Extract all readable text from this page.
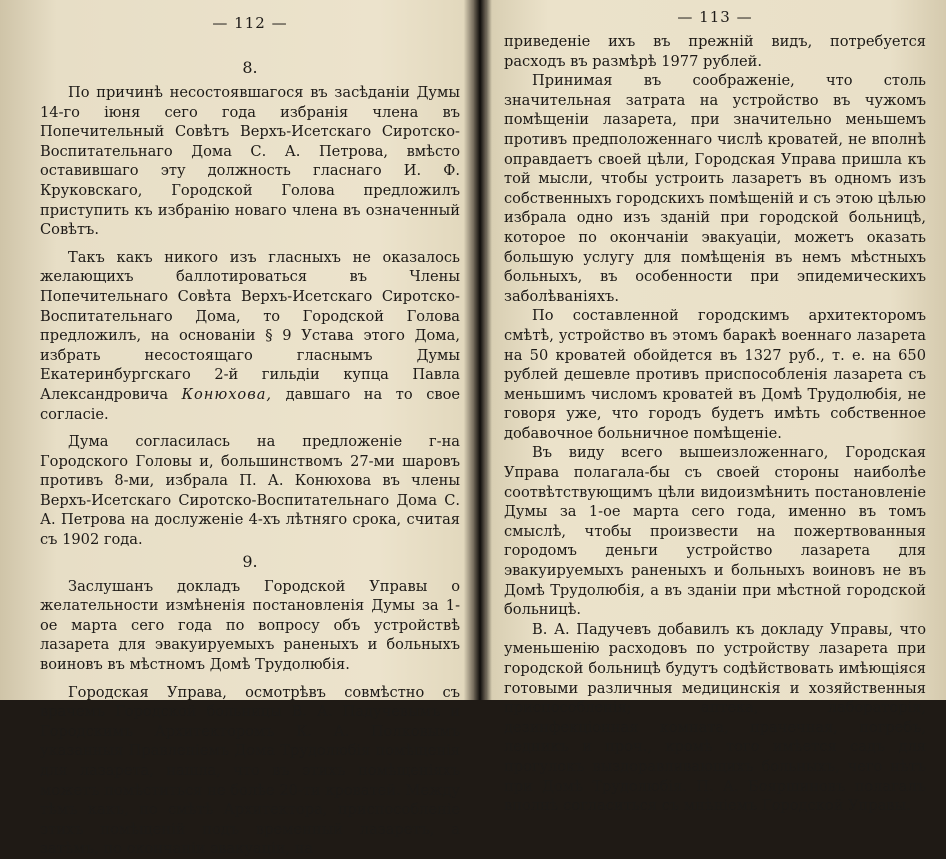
— 112 —
8.

По причинѣ несостоявшагося въ засѣданіи Думы 14-го іюня сего года избранія члена въ Попечительный Совѣтъ Верхъ-Исетскаго Сиротско-Воспитательнаго Дома С. А. Петрова, вмѣсто оставившаго эту должность гласнаго И. Ф. Круковскаго, Городской Голова предложилъ приступить къ избранію новаго члена въ означенный Совѣтъ.

Такъ какъ никого изъ гласныхъ не оказалось желающихъ баллотироваться въ Члены Попечительнаго Совѣта Верхъ-Исетскаго Сиротско-Воспитательнаго Дома, то Городской Голова предложилъ, на основаніи § 9 Устава этого Дома, избрать несостоящаго гласнымъ Думы Екатеринбургскаго 2-й гильдіи купца Павла Александровича Конюхова, давшаго на то свое согласіе.

Дума согласилась на предложеніе г-на Городского Головы и, большинствомъ 27-ми шаровъ противъ 8-ми, избрала П. А. Конюхова въ члены Верхъ-Исетскаго Сиротско-Воспитательнаго Дома С. А. Петрова на дослуженіе 4-хъ лѣтняго срока, считая съ 1902 года.

9.

Заслушанъ докладъ Городской Управы о желательности измѣненія постановленія Думы за 1-ое марта сего года по вопросу объ устройствѣ лазарета для эвакуируемыхъ раненыхъ и больныхъ воиновъ въ мѣстномъ Домѣ Трудолюбія.

Городская Управа, осмотрѣвъ совмѣстно съ врачемъ Городской больницы В. А. Падучевымъ и Городскимъ Архитекторомъ К. А. Полковымъ указанныя Правленіемъ Дома Трудолюбія помѣщенія для лазарета, нашла, что въ этихъ помѣщеніяхъ можетъ помѣститься не болѣе 20-ти кроватей. Между тѣмъ какъ, по смѣтѣ Архитектора, приспособленіе этихъ помѣщеній подъ временный лазаретъ, а затѣмъ, по окончаніи эвакуаціи, на

— 113 —

приведеніе ихъ въ прежній видъ, потребуется расходъ въ размѣрѣ 1977 рублей.

Принимая въ соображеніе, что столь значительная затрата на устройство въ чужомъ помѣщеніи лазарета, при значительно меньшемъ противъ предположеннаго числѣ кроватей, не вполнѣ оправдаетъ своей цѣли, Городская Управа пришла къ той мысли, чтобы устроить лазаретъ въ одномъ изъ собственныхъ городскихъ помѣщеній и съ этою цѣлью избрала одно изъ зданій при городской больницѣ, которое по окончаніи эвакуаціи, можетъ оказать большую услугу для помѣщенія въ немъ мѣстныхъ больныхъ, въ особенности при эпидемическихъ заболѣваніяхъ.

По составленной городскимъ архитекторомъ смѣтѣ, устройство въ этомъ баракѣ военнаго лазарета на 50 кроватей обойдется въ 1327 руб., т. е. на 650 рублей дешевле противъ приспособленія лазарета съ меньшимъ числомъ кроватей въ Домѣ Трудолюбія, не говоря уже, что городъ будетъ имѣть собственное добавочное больничное помѣщеніе.

Въ виду всего вышеизложеннаго, Городская Управа полагала-бы съ своей стороны наиболѣе соотвѣтствующимъ цѣли видоизмѣнить постановленіе Думы за 1-ое марта сего года, именно въ томъ смыслѣ, чтобы произвести на пожертвованныя городомъ деньги устройство лазарета для эвакуируемыхъ раненыхъ и больныхъ воиновъ не въ Домѣ Трудолюбія, а въ зданіи при мѣстной городской больницѣ.

В. А. Падучевъ добавилъ къ докладу Управы, что уменьшенію расходовъ по устройству лазарета при городской больницѣ будутъ содѣйствовать имѣющіяся готовыми различныя медицинскія и хозяйственныя приспособленія; аптека, лабораторія, дезинфекціонная комната, прачечная, погребъ, ледникъ и проч., кромѣ того имѣется садъ для прогулокъ выздоравливающихъ больныхъ, чего нѣтъ при Домѣ Трудолюбія. П. А. Бояршиновъ полагалъ вполнѣ согласиться съ мнѣніемъ Городской Управы.
